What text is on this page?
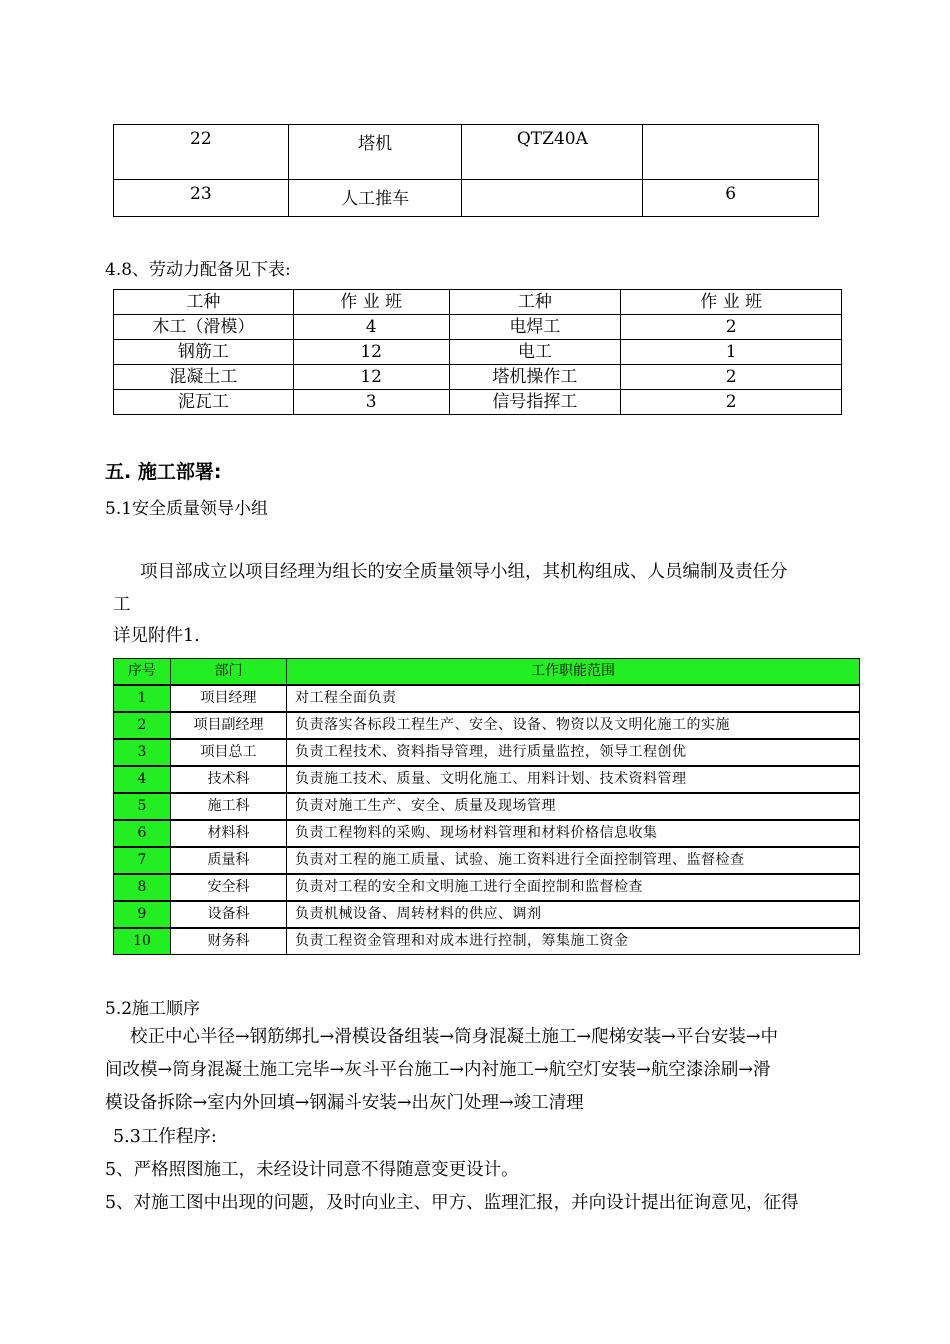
22	塔机	QTZ40A	
23	人工推车		6
4.8、劳动力配备见下表:
工种	作 业 班	工种	作 业 班
木工（滑模）	4	电焊工	2
钢筋工	12	电工	1
混凝土工	12	塔机操作工	2
泥瓦工	3	信号指挥工	2
五. 施工部署:
5.1安全质量领导小组
项目部成立以项目经理为组长的安全质量领导小组，其机构组成、人员编制及责任分
工
详见附件1.
序号	部门	工作职能范围
1	项目经理	对工程全面负责
2	项目副经理	负责落实各标段工程生产、安全、设备、物资以及文明化施工的实施
3	项目总工	负责工程技术、资料指导管理，进行质量监控，领导工程创优
4	技术科	负责施工技术、质量、文明化施工、用料计划、技术资料管理
5	施工科	负责对施工生产、安全、质量及现场管理
6	材料科	负责工程物料的采购、现场材料管理和材料价格信息收集
7	质量科	负责对工程的施工质量、试验、施工资料进行全面控制管理、监督检查
8	安全科	负责对工程的安全和文明施工进行全面控制和监督检查
9	设备科	负责机械设备、周转材料的供应、调剂
10	财务科	负责工程资金管理和对成本进行控制，筹集施工资金
5.2施工顺序
校正中心半径→钢筋绑扎→滑模设备组装→筒身混凝土施工→爬梯安装→平台安装→中
间改模→筒身混凝土施工完毕→灰斗平台施工→内衬施工→航空灯安装→航空漆涂刷→滑
模设备拆除→室内外回填→钢漏斗安装→出灰门处理→竣工清理
5.3工作程序:
5、严格照图施工，未经设计同意不得随意变更设计。
5、对施工图中出现的问题，及时向业主、甲方、监理汇报，并向设计提出征询意见，征得
